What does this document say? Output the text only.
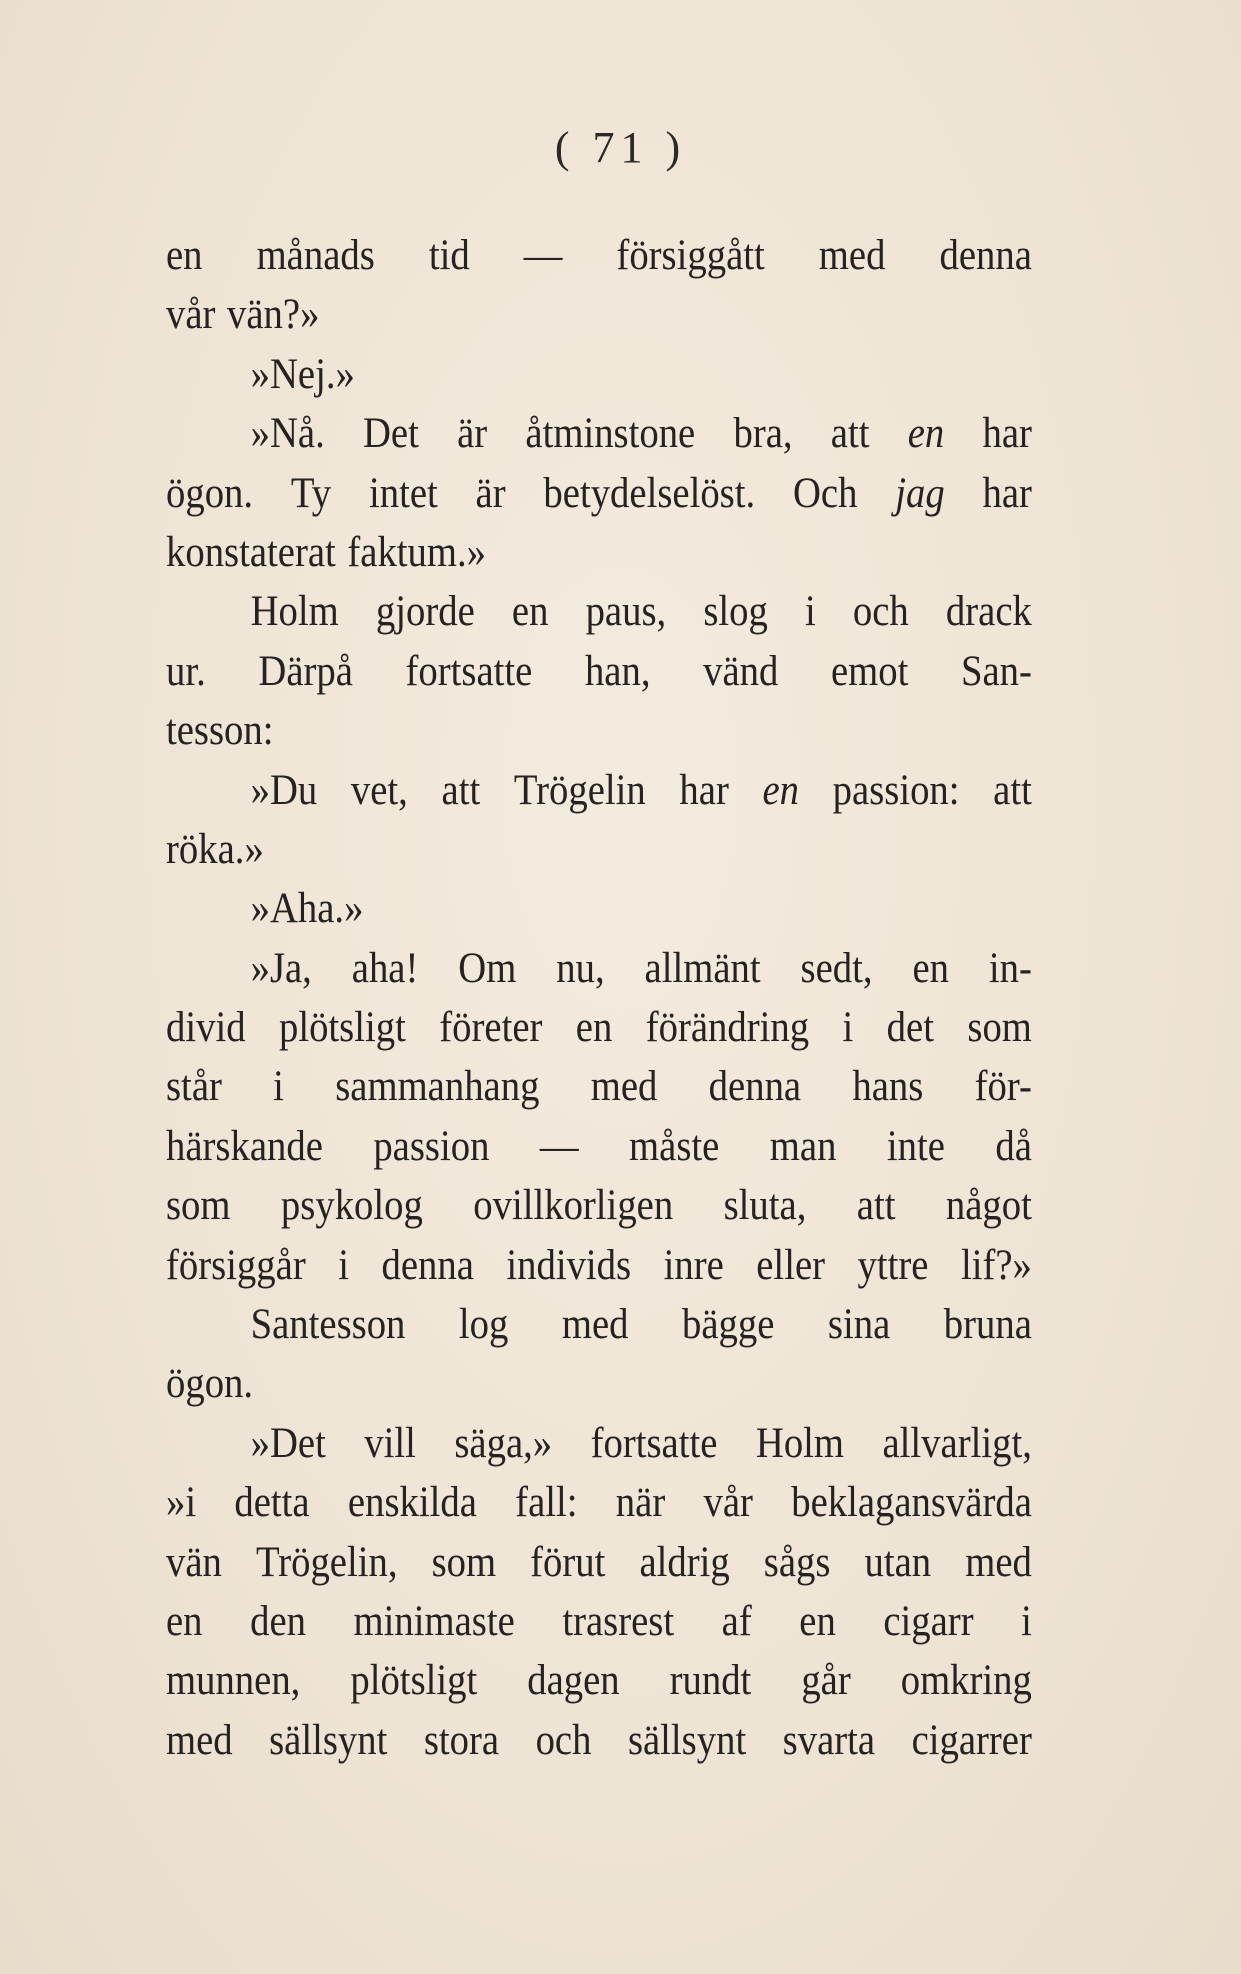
( 71 )
en månads tid — försiggått med denna
vår vän?»
»Nej.»
»Nå. Det är åtminstone bra, att en har
ögon. Ty intet är betydelselöst. Och jag har
konstaterat faktum.»
Holm gjorde en paus, slog i och drack
ur. Därpå fortsatte han, vänd emot San-
tesson:
»Du vet, att Trögelin har en passion: att
röka.»
»Aha.»
»Ja, aha! Om nu, allmänt sedt, en in-
divid plötsligt företer en förändring i det som
står i sammanhang med denna hans för-
härskande passion — måste man inte då
som psykolog ovillkorligen sluta, att något
försiggår i denna individs inre eller yttre lif?»
Santesson log med bägge sina bruna
ögon.
»Det vill säga,» fortsatte Holm allvarligt,
»i detta enskilda fall: när vår beklagansvärda
vän Trögelin, som förut aldrig sågs utan med
en den minimaste trasrest af en cigarr i
munnen, plötsligt dagen rundt går omkring
med sällsynt stora och sällsynt svarta cigarrer
